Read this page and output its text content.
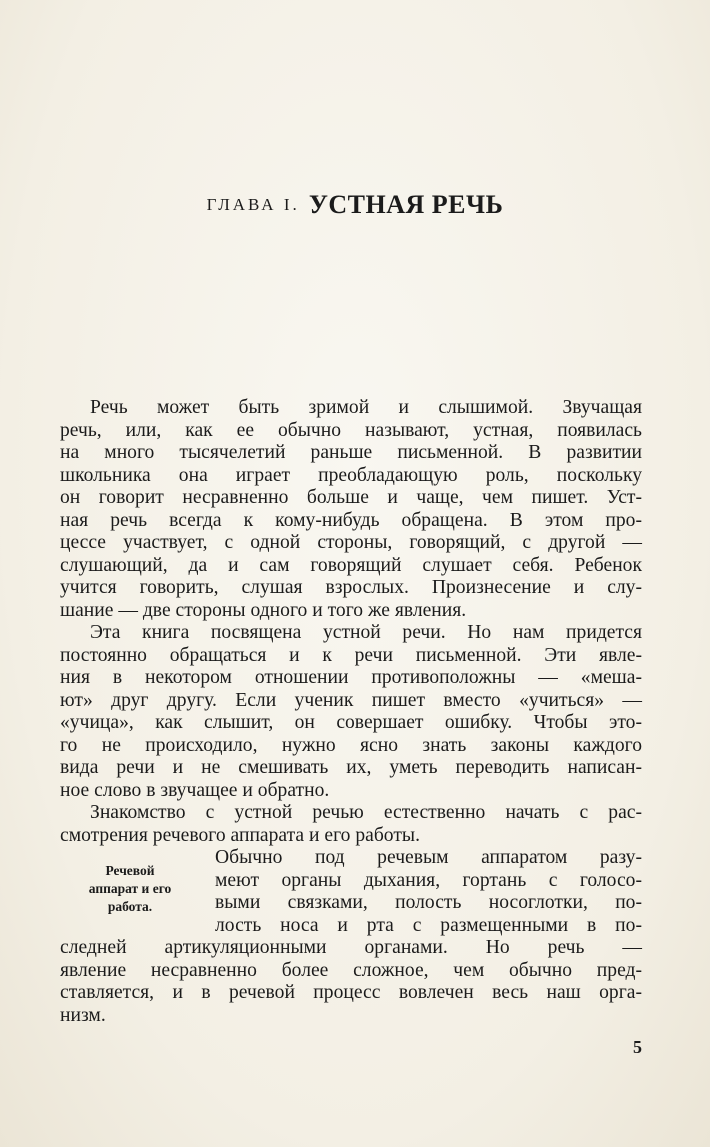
ГЛАВА I. УСТНАЯ РЕЧЬ
Речь может быть зримой и слышимой. Звучащая
речь, или, как ее обычно называют, устная, появилась
на много тысячелетий раньше письменной. В развитии
школьника она играет преобладающую роль, поскольку
он говорит несравненно больше и чаще, чем пишет. Уст-
ная речь всегда к кому-нибудь обращена. В этом про-
цессе участвует, с одной стороны, говорящий, с другой —
слушающий, да и сам говорящий слушает себя. Ребенок
учится говорить, слушая взрослых. Произнесение и слу-
шание — две стороны одного и того же явления.
Эта книга посвящена устной речи. Но нам придется
постоянно обращаться и к речи письменной. Эти явле-
ния в некотором отношении противоположны — «меша-
ют» друг другу. Если ученик пишет вместо «учиться» —
«учица», как слышит, он совершает ошибку. Чтобы это-
го не происходило, нужно ясно знать законы каждого
вида речи и не смешивать их, уметь переводить написан-
ное слово в звучащее и обратно.
Знакомство с устной речью естественно начать с рас-
смотрения речевого аппарата и его работы.
Речевой
аппарат и его
работа.
Обычно под речевым аппаратом разу-
меют органы дыхания, гортань с голосо-
выми связками, полость носоглотки, по-
лость носа и рта с размещенными в по-
следней артикуляционными органами. Но речь —
явление несравненно более сложное, чем обычно пред-
ставляется, и в речевой процесс вовлечен весь наш орга-
низм.
5
